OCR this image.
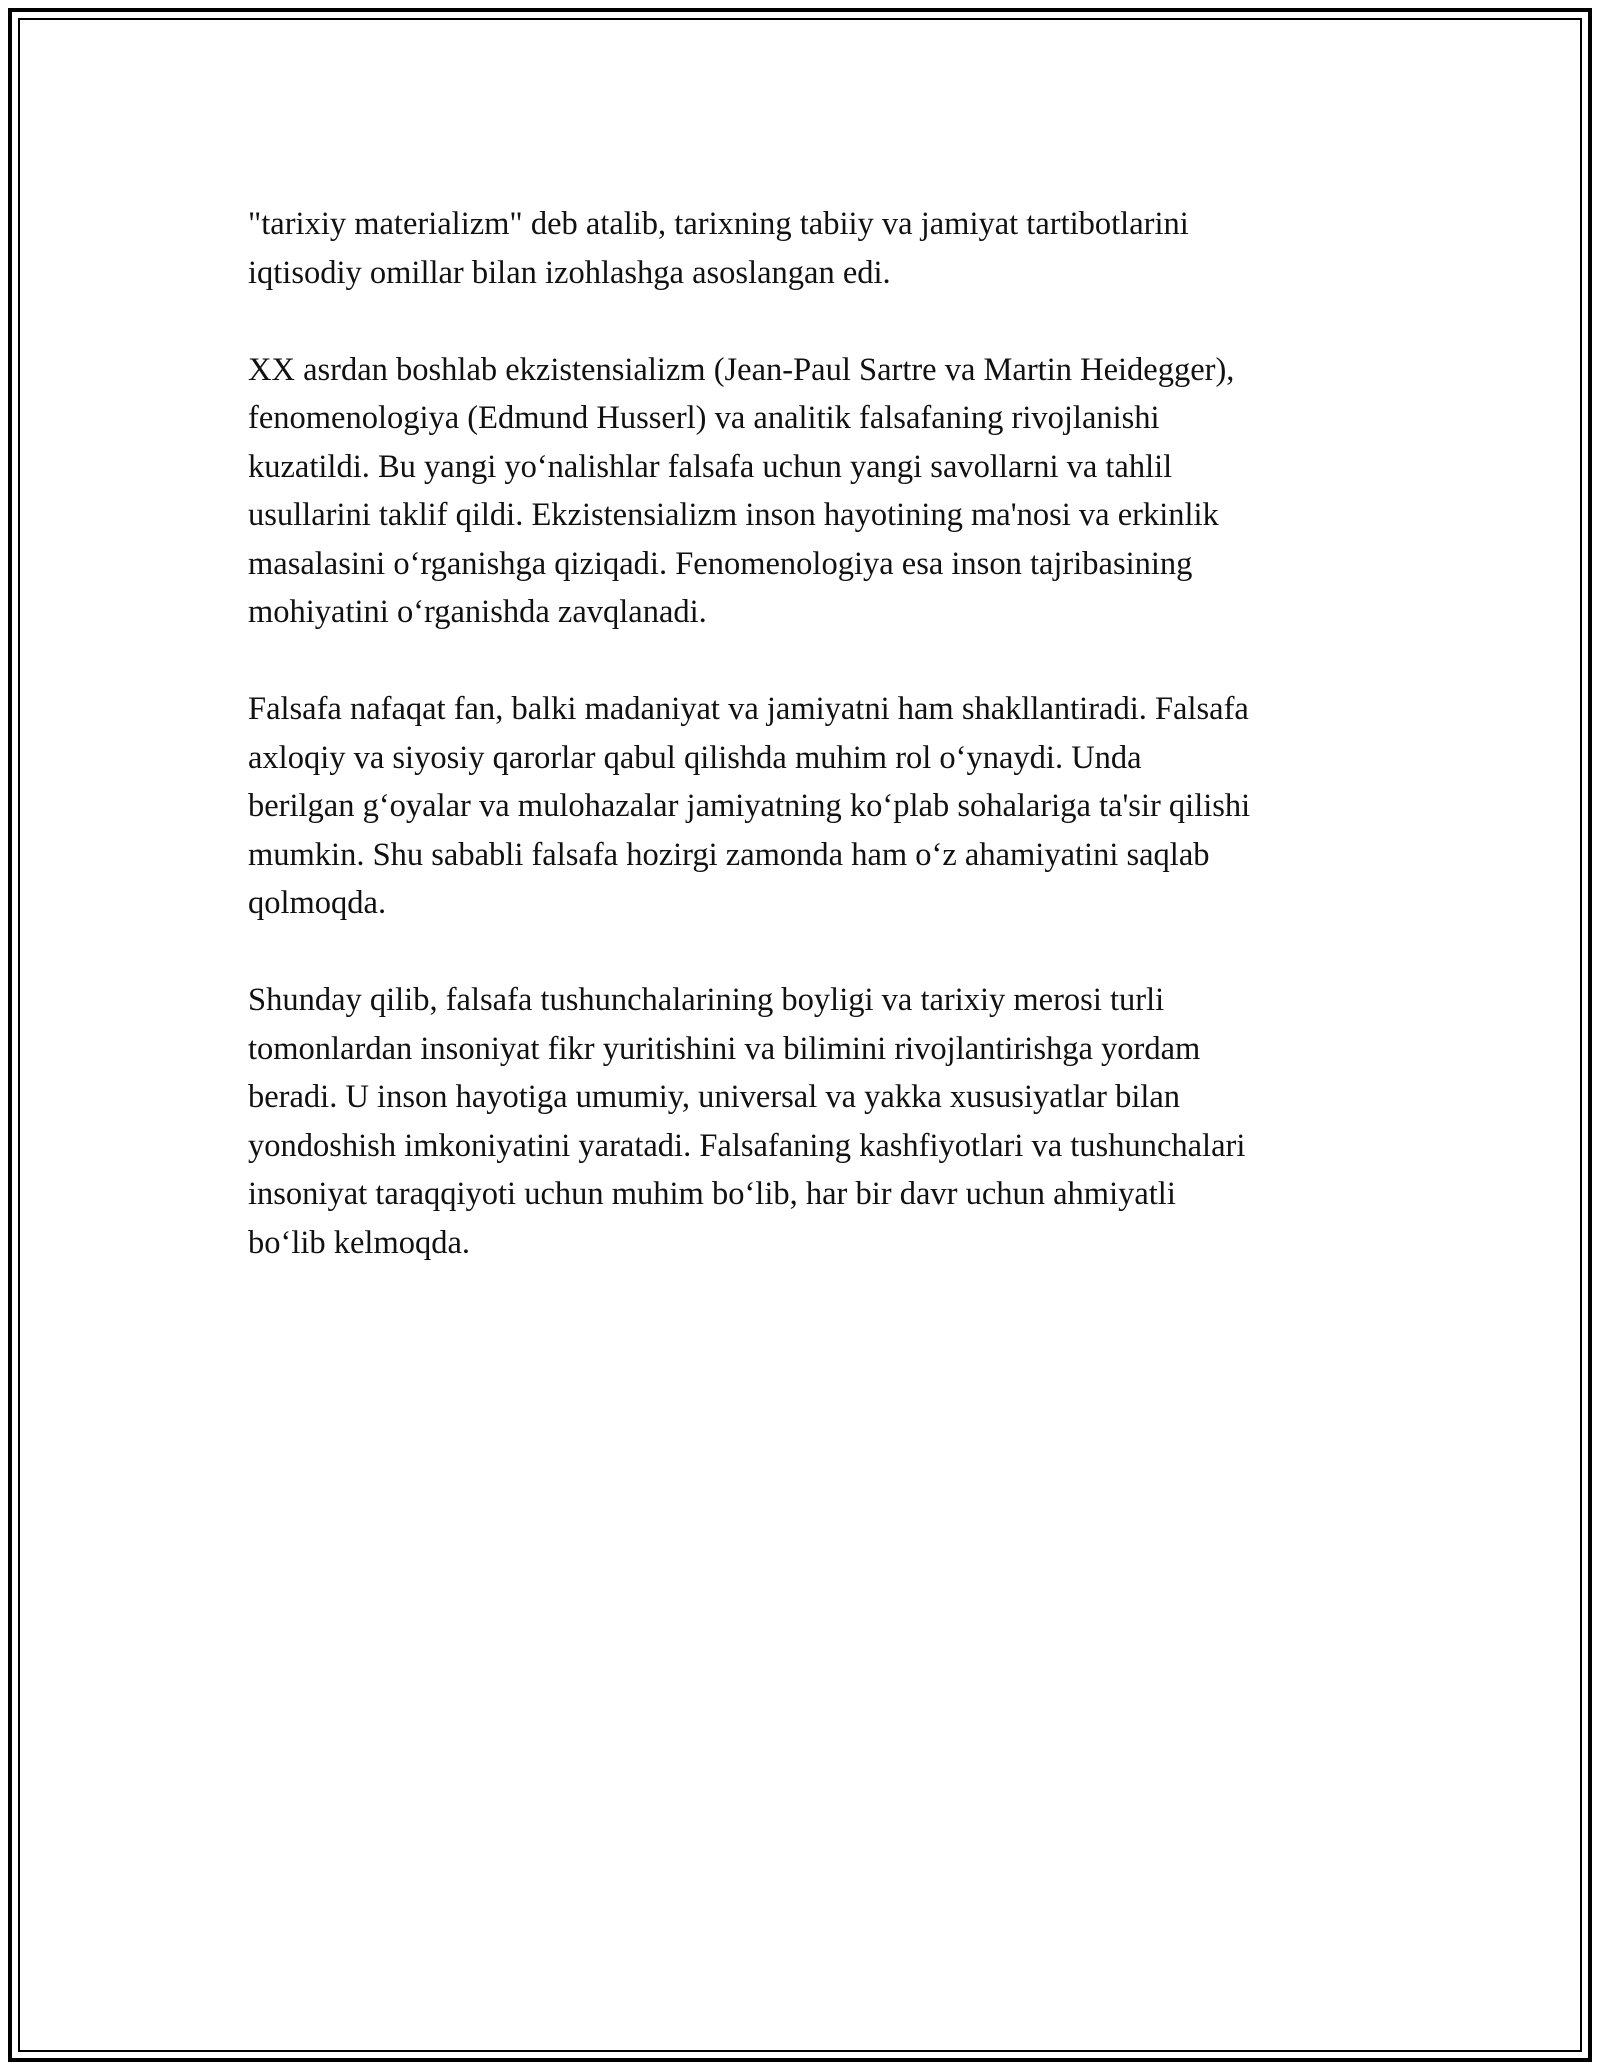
"tarixiy materializm" deb atalib, tarixning tabiiy va jamiyat tartibotlarini
iqtisodiy omillar bilan izohlashga asoslangan edi.

XX asrdan boshlab ekzistensializm (Jean-Paul Sartre va Martin Heidegger),
fenomenologiya (Edmund Husserl) va analitik falsafaning rivojlanishi
kuzatildi. Bu yangi yo‘nalishlar falsafa uchun yangi savollarni va tahlil
usullarini taklif qildi. Ekzistensializm inson hayotining ma'nosi va erkinlik
masalasini o‘rganishga qiziqadi. Fenomenologiya esa inson tajribasining
mohiyatini o‘rganishda zavqlanadi.

Falsafa nafaqat fan, balki madaniyat va jamiyatni ham shakllantiradi. Falsafa
axloqiy va siyosiy qarorlar qabul qilishda muhim rol o‘ynaydi. Unda
berilgan g‘oyalar va mulohazalar jamiyatning ko‘plab sohalariga ta'sir qilishi
mumkin. Shu sababli falsafa hozirgi zamonda ham o‘z ahamiyatini saqlab
qolmoqda.

Shunday qilib, falsafa tushunchalarining boyligi va tarixiy merosi turli
tomonlardan insoniyat fikr yuritishini va bilimini rivojlantirishga yordam
beradi. U inson hayotiga umumiy, universal va yakka xususiyatlar bilan
yondoshish imkoniyatini yaratadi. Falsafaning kashfiyotlari va tushunchalari
insoniyat taraqqiyoti uchun muhim bo‘lib, har bir davr uchun ahmiyatli
bo‘lib kelmoqda.
